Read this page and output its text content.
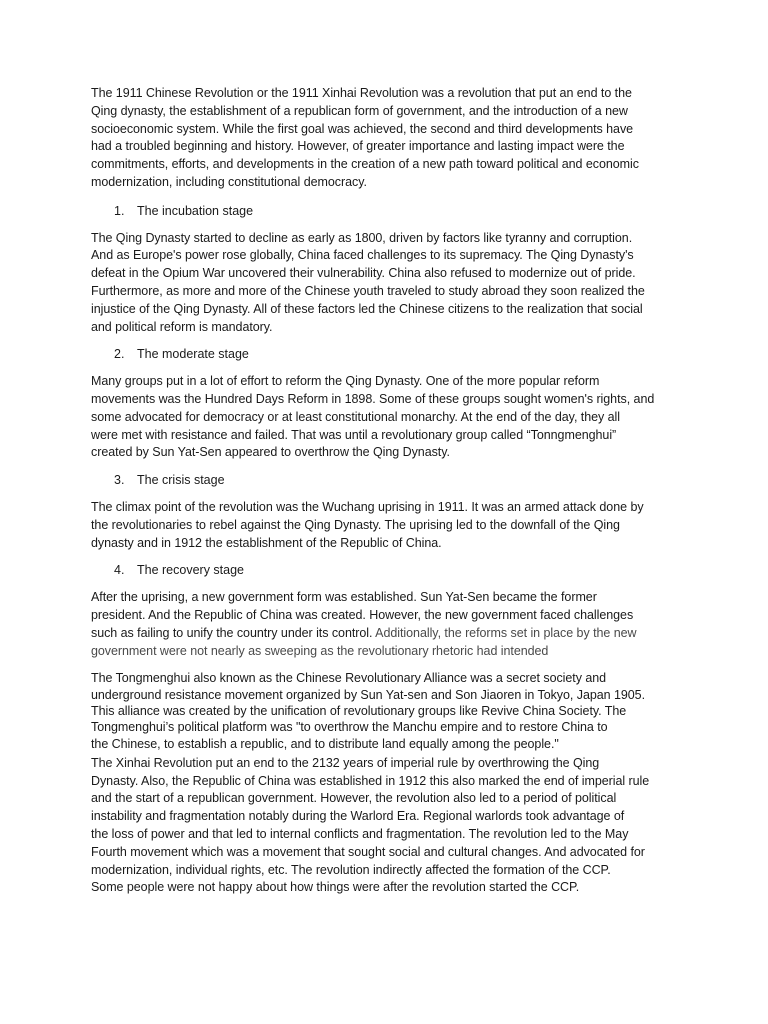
The 1911 Chinese Revolution or the 1911 Xinhai Revolution was a revolution that put an end to the
Qing dynasty, the establishment of a republican form of government, and the introduction of a new
socioeconomic system. While the first goal was achieved, the second and third developments have
had a troubled beginning and history. However, of greater importance and lasting impact were the
commitments, efforts, and developments in the creation of a new path toward political and economic
modernization, including constitutional democracy.

1.	The incubation stage

The Qing Dynasty started to decline as early as 1800, driven by factors like tyranny and corruption.
And as Europe's power rose globally, China faced challenges to its supremacy. The Qing Dynasty's
defeat in the Opium War uncovered their vulnerability. China also refused to modernize out of pride.
Furthermore, as more and more of the Chinese youth traveled to study abroad they soon realized the
injustice of the Qing Dynasty. All of these factors led the Chinese citizens to the realization that social
and political reform is mandatory.

2.	The moderate stage

Many groups put in a lot of effort to reform the Qing Dynasty. One of the more popular reform
movements was the Hundred Days Reform in 1898. Some of these groups sought women's rights, and
some advocated for democracy or at least constitutional monarchy. At the end of the day, they all
were met with resistance and failed. That was until a revolutionary group called “Tonngmenghui”
created by Sun Yat-Sen appeared to overthrow the Qing Dynasty.

3.	The crisis stage

The climax point of the revolution was the Wuchang uprising in 1911. It was an armed attack done by
the revolutionaries to rebel against the Qing Dynasty. The uprising led to the downfall of the Qing
dynasty and in 1912 the establishment of the Republic of China.

4.	The recovery stage

After the uprising, a new government form was established. Sun Yat-Sen became the former
president. And the Republic of China was created. However, the new government faced challenges
such as failing to unify the country under its control. Additionally, the reforms set in place by the new
government were not nearly as sweeping as the revolutionary rhetoric had intended

The Tongmenghui also known as the Chinese Revolutionary Alliance was a secret society and
underground resistance movement organized by Sun Yat-sen and Son Jiaoren in Tokyo, Japan 1905.
This alliance was created by the unification of revolutionary groups like Revive China Society. The
Tongmenghui’s political platform was "to overthrow the Manchu empire and to restore China to
the Chinese, to establish a republic, and to distribute land equally among the people."

The Xinhai Revolution put an end to the 2132 years of imperial rule by overthrowing the Qing
Dynasty. Also, the Republic of China was established in 1912 this also marked the end of imperial rule
and the start of a republican government. However, the revolution also led to a period of political
instability and fragmentation notably during the Warlord Era. Regional warlords took advantage of
the loss of power and that led to internal conflicts and fragmentation. The revolution led to the May
Fourth movement which was a movement that sought social and cultural changes. And advocated for
modernization, individual rights, etc. The revolution indirectly affected the formation of the CCP.
Some people were not happy about how things were after the revolution started the CCP.
